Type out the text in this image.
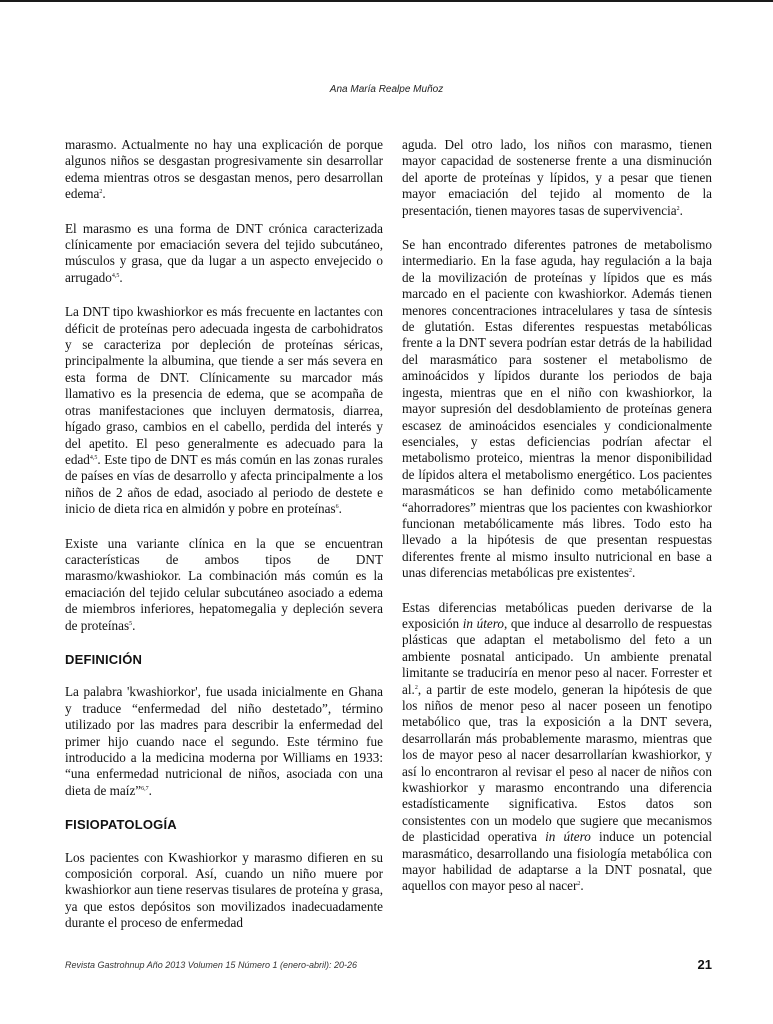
Ana María Realpe Muñoz

marasmo. Actualmente no hay una explicación de porque algunos niños se desgastan progresivamente sin desarrollar edema mientras otros se desgastan menos, pero desarrollan edema$^2$.

El marasmo es una forma de DNT crónica caracterizada clínicamente por emaciación severa del tejido subcutáneo, músculos y grasa, que da lugar a un aspecto envejecido o arrugado$^{4,5}$.

La DNT tipo kwashiorkor es más frecuente en lactantes con déficit de proteínas pero adecuada ingesta de carbohidratos y se caracteriza por depleción de proteínas séricas, principalmente la albumina, que tiende a ser más severa en esta forma de DNT. Clínicamente su marcador más llamativo es la presencia de edema, que se acompaña de otras manifestaciones que incluyen dermatosis, diarrea, hígado graso, cambios en el cabello, perdida del interés y del apetito. El peso generalmente es adecuado para la edad$^{4,5}$. Este tipo de DNT es más común en las zonas rurales de países en vías de desarrollo y afecta principalmente a los niños de 2 años de edad, asociado al periodo de destete e inicio de dieta rica en almidón y pobre en proteínas$^6$.

Existe una variante clínica en la que se encuentran características de ambos tipos de DNT marasmo/kwashiokor. La combinación más común es la emaciación del tejido celular subcutáneo asociado a edema de miembros inferiores, hepatomegalia y depleción severa de proteínas$^5$.

DEFINICIÓN

La palabra 'kwashiorkor', fue usada inicialmente en Ghana y traduce “enfermedad del niño destetado”, término utilizado por las madres para describir la enfermedad del primer hijo cuando nace el segundo. Este término fue introducido a la medicina moderna por Williams en 1933: “una enfermedad nutricional de niños, asociada con una dieta de maíz”$^{6,7}$.

FISIOPATOLOGÍA

Los pacientes con Kwashiorkor y marasmo difieren en su composición corporal. Así, cuando un niño muere por kwashiorkor aun tiene reservas tisulares de proteína y grasa, ya que estos depósitos son movilizados inadecuadamente durante el proceso de enfermedad

aguda. Del otro lado, los niños con marasmo, tienen mayor capacidad de sostenerse frente a una disminución del aporte de proteínas y lípidos, y a pesar que tienen mayor emaciación del tejido al momento de la presentación, tienen mayores tasas de supervivencia$^2$.

Se han encontrado diferentes patrones de metabolismo intermediario. En la fase aguda, hay regulación a la baja de la movilización de proteínas y lípidos que es más marcado en el paciente con kwashiorkor. Además tienen menores concentraciones intracelulares y tasa de síntesis de glutatión. Estas diferentes respuestas metabólicas frente a la DNT severa podrían estar detrás de la habilidad del marasmático para sostener el metabolismo de aminoácidos y lípidos durante los periodos de baja ingesta, mientras que en el niño con kwashiorkor, la mayor supresión del desdoblamiento de proteínas genera escasez de aminoácidos esenciales y condicionalmente esenciales, y estas deficiencias podrían afectar el metabolismo proteico, mientras la menor disponibilidad de lípidos altera el metabolismo energético. Los pacientes marasmáticos se han definido como metabólicamente “ahorradores” mientras que los pacientes con kwashiorkor funcionan metabólicamente más libres. Todo esto ha llevado a la hipótesis de que presentan respuestas diferentes frente al mismo insulto nutricional en base a unas diferencias metabólicas pre existentes$^2$.

Estas diferencias metabólicas pueden derivarse de la exposición in útero, que induce al desarrollo de respuestas plásticas que adaptan el metabolismo del feto a un ambiente posnatal anticipado. Un ambiente prenatal limitante se traduciría en menor peso al nacer. Forrester et al.$^2$, a partir de este modelo, generan la hipótesis de que los niños de menor peso al nacer poseen un fenotipo metabólico que, tras la exposición a la DNT severa, desarrollarán más probablemente marasmo, mientras que los de mayor peso al nacer desarrollarían kwashiorkor, y así lo encontraron al revisar el peso al nacer de niños con kwashiorkor y marasmo encontrando una diferencia estadísticamente significativa. Estos datos son consistentes con un modelo que sugiere que mecanismos de plasticidad operativa in útero induce un potencial marasmático, desarrollando una fisiología metabólica con mayor habilidad de adaptarse a la DNT posnatal, que aquellos con mayor peso al nacer$^2$.

Revista Gastrohnup Año 2013 Volumen 15 Número 1 (enero-abril): 20-26	21
